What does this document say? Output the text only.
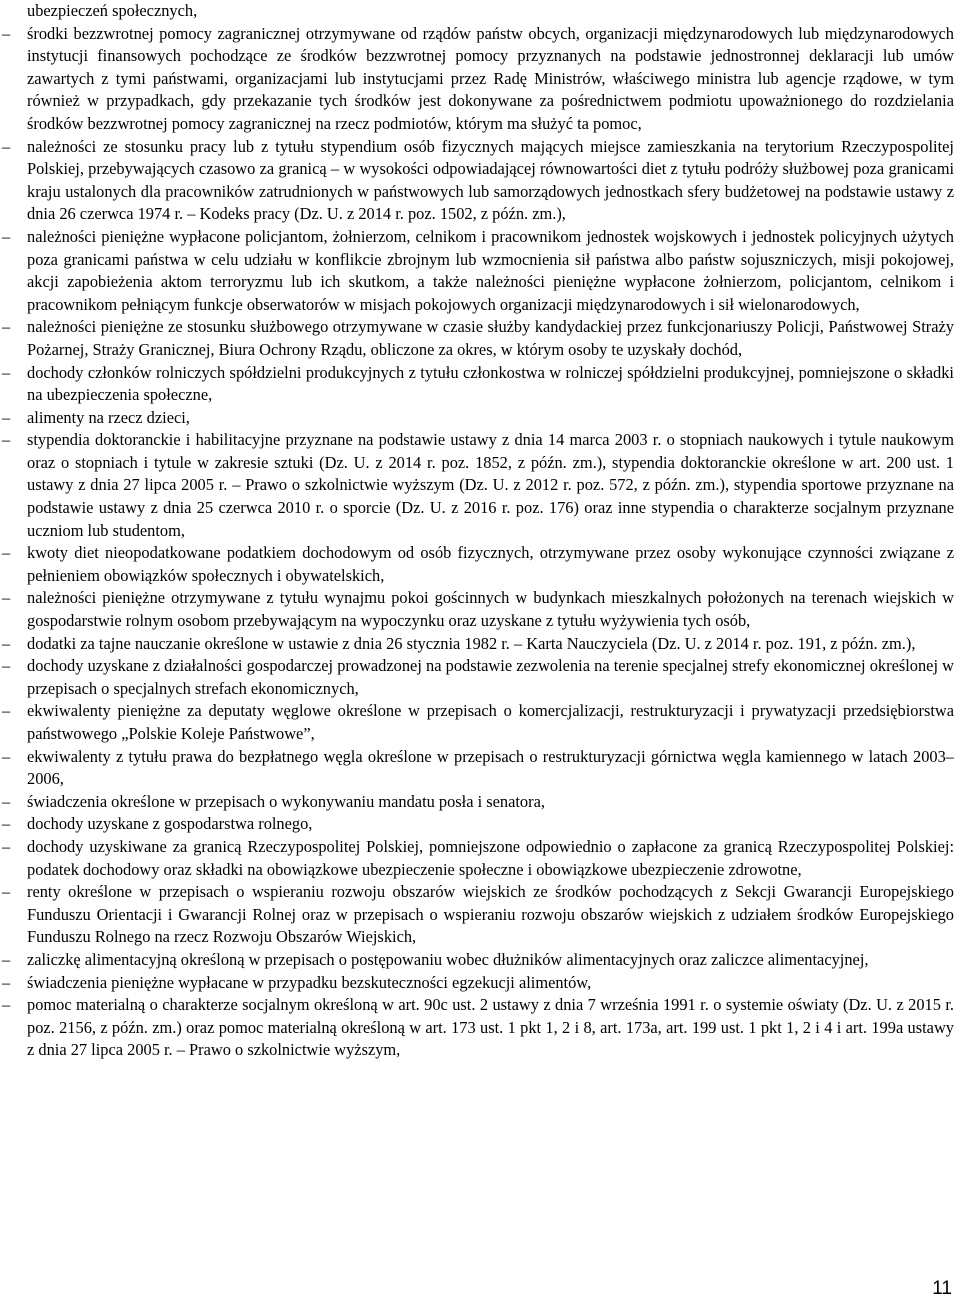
ubezpieczeń społecznych,

–	środki bezzwrotnej pomocy zagranicznej otrzymywane od rządów państw obcych, organizacji międzynarodowych lub międzynarodowych instytucji finansowych pochodzące ze środków bezzwrotnej pomocy przyznanych na podstawie jednostronnej deklaracji lub umów zawartych z tymi państwami, organizacjami lub instytucjami przez Radę Ministrów, właściwego ministra lub agencje rządowe, w tym również w przypadkach, gdy przekazanie tych środków jest dokonywane za pośrednictwem podmiotu upoważnionego do rozdzielania środków bezzwrotnej pomocy zagranicznej na rzecz podmiotów, którym ma służyć ta pomoc,
–	należności ze stosunku pracy lub z tytułu stypendium osób fizycznych mających miejsce zamieszkania na terytorium Rzeczypospolitej Polskiej, przebywających czasowo za granicą – w wysokości odpowiadającej równowartości diet z tytułu podróży służbowej poza granicami kraju ustalonych dla pracowników zatrudnionych w państwowych lub samorządowych jednostkach sfery budżetowej na podstawie ustawy z dnia 26 czerwca 1974 r. – Kodeks pracy (Dz. U. z 2014 r. poz. 1502, z późn. zm.),
–	należności pieniężne wypłacone policjantom, żołnierzom, celnikom i pracownikom jednostek wojskowych i jednostek policyjnych użytych poza granicami państwa w celu udziału w konflikcie zbrojnym lub wzmocnienia sił państwa albo państw sojuszniczych, misji pokojowej, akcji zapobieżenia aktom terroryzmu lub ich skutkom, a także należności pieniężne wypłacone żołnierzom, policjantom, celnikom i pracownikom pełniącym funkcje obserwatorów w misjach pokojowych organizacji międzynarodowych i sił wielonarodowych,
–	należności pieniężne ze stosunku służbowego otrzymywane w czasie służby kandydackiej przez funkcjonariuszy Policji, Państwowej Straży Pożarnej, Straży Granicznej, Biura Ochrony Rządu, obliczone za okres, w którym osoby te uzyskały dochód,
–	dochody członków rolniczych spółdzielni produkcyjnych z tytułu członkostwa w rolniczej spółdzielni produkcyjnej, pomniejszone o składki na ubezpieczenia społeczne,
–	alimenty na rzecz dzieci,
–	stypendia doktoranckie i habilitacyjne przyznane na podstawie ustawy z dnia 14 marca 2003 r. o stopniach naukowych i tytule naukowym oraz o stopniach i tytule w zakresie sztuki (Dz. U. z 2014 r. poz. 1852, z późn. zm.), stypendia doktoranckie określone w art. 200 ust. 1 ustawy z dnia 27 lipca 2005 r. – Prawo o szkolnictwie wyższym (Dz. U. z 2012 r. poz. 572, z późn. zm.), stypendia sportowe przyznane na podstawie ustawy z dnia 25 czerwca 2010 r. o sporcie (Dz. U. z 2016 r. poz. 176) oraz inne stypendia o charakterze socjalnym przyznane uczniom lub studentom,
–	kwoty diet nieopodatkowane podatkiem dochodowym od osób fizycznych, otrzymywane przez osoby wykonujące czynności związane z pełnieniem obowiązków społecznych i obywatelskich,
–	należności pieniężne otrzymywane z tytułu wynajmu pokoi gościnnych w budynkach mieszkalnych położonych na terenach wiejskich w gospodarstwie rolnym osobom przebywającym na wypoczynku oraz uzyskane z tytułu wyżywienia tych osób,
–	dodatki za tajne nauczanie określone w ustawie z dnia 26 stycznia 1982 r. – Karta Nauczyciela (Dz. U. z 2014 r. poz. 191, z późn. zm.),
–	dochody uzyskane z działalności gospodarczej prowadzonej na podstawie zezwolenia na terenie specjalnej strefy ekonomicznej określonej w przepisach o specjalnych strefach ekonomicznych,
–	ekwiwalenty pieniężne za deputaty węglowe określone w przepisach o komercjalizacji, restrukturyzacji i prywatyzacji przedsiębiorstwa państwowego „Polskie Koleje Państwowe”,
–	ekwiwalenty z tytułu prawa do bezpłatnego węgla określone w przepisach o restrukturyzacji górnictwa węgla kamiennego w latach 2003–2006,
–	świadczenia określone w przepisach o wykonywaniu mandatu posła i senatora,
–	dochody uzyskane z gospodarstwa rolnego,
–	dochody uzyskiwane za granicą Rzeczypospolitej Polskiej, pomniejszone odpowiednio o zapłacone za granicą Rzeczypospolitej Polskiej: podatek dochodowy oraz składki na obowiązkowe ubezpieczenie społeczne i obowiązkowe ubezpieczenie zdrowotne,
–	renty określone w przepisach o wspieraniu rozwoju obszarów wiejskich ze środków pochodzących z Sekcji Gwarancji Europejskiego Funduszu Orientacji i Gwarancji Rolnej oraz w przepisach o wspieraniu rozwoju obszarów wiejskich z udziałem środków Europejskiego Funduszu Rolnego na rzecz Rozwoju Obszarów Wiejskich,
–	zaliczkę alimentacyjną określoną w przepisach o postępowaniu wobec dłużników alimentacyjnych oraz zaliczce alimentacyjnej,
–	świadczenia pieniężne wypłacane w przypadku bezskuteczności egzekucji alimentów,
–	pomoc materialną o charakterze socjalnym określoną w art. 90c ust. 2 ustawy z dnia 7 września 1991 r. o systemie oświaty (Dz. U. z 2015 r. poz. 2156, z późn. zm.) oraz pomoc materialną określoną w art. 173 ust. 1 pkt 1, 2 i 8, art. 173a, art. 199 ust. 1 pkt 1, 2 i 4 i art. 199a ustawy z dnia 27 lipca 2005 r. – Prawo o szkolnictwie wyższym,
11
